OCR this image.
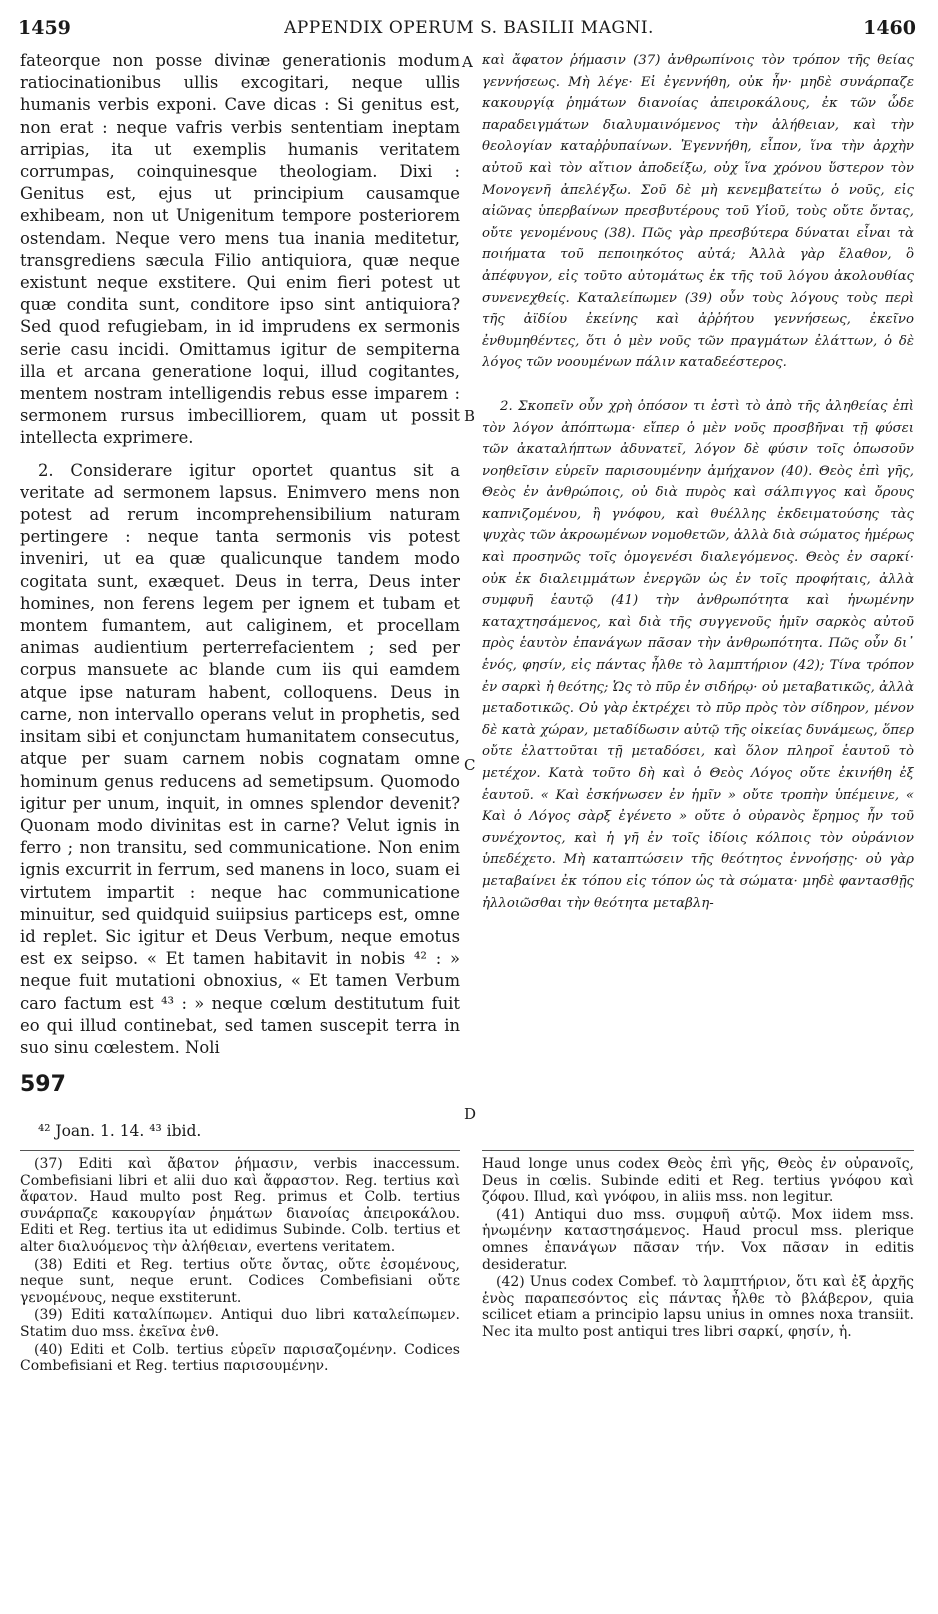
1459	APPENDIX OPERUM S. BASILII MAGNI.	1460

fateorque non posse divinæ generationis modum ratiocinationibus ullis excogitari, neque ullis humanis verbis exponi. Cave dicas : Si genitus est, non erat : neque vafris verbis sententiam ineptam arripias, ita ut exemplis humanis veritatem corrumpas, coinquinesque theologiam. Dixi : Genitus est, ejus ut principium causamque exhibeam, non ut Unigenitum tempore posteriorem ostendam. Neque vero mens tua inania meditetur, transgrediens sæcula Filio antiquiora, quæ neque existunt neque exstitere. Qui enim fieri potest ut quæ condita sunt, conditore ipso sint antiquiora? Sed quod refugiebam, in id imprudens ex sermonis serie casu incidi. Omittamus igitur de sempiterna illa et arcana generatione loqui, illud cogitantes, mentem nostram intelligendis rebus esse imparem : sermonem rursus imbecilliorem, quam ut possit intellecta exprimere.

2. Considerare igitur oportet quantus sit a veritate ad sermonem lapsus. Enimvero mens non potest ad rerum incomprehensibilium naturam pertingere : neque tanta sermonis vis potest inveniri, ut ea quæ qualicunque tandem modo cogitata sunt, exæquet. Deus in terra, Deus inter homines, non ferens legem per ignem et tubam et montem fumantem, aut caliginem, et procellam animas audientium perterrefacientem ; sed per corpus mansuete ac blande cum iis qui eamdem atque ipse naturam habent, colloquens. Deus in carne, non intervallo operans velut in prophetis, sed insitam sibi et conjunctam humanitatem consecutus, atque per suam carnem nobis cognatam omne hominum genus reducens ad semetipsum. Quomodo igitur per unum, inquit, in omnes splendor devenit? Quonam modo divinitas est in carne? Velut ignis in ferro ; non transitu, sed communicatione. Non enim ignis excurrit in ferrum, sed manens in loco, suam ei virtutem impartit : neque hac communicatione minuitur, sed quidquid suiipsius particeps est, omne id replet. Sic igitur et Deus Verbum, neque emotus est ex seipso. « Et tamen habitavit in nobis ⁴² : » neque fuit mutationi obnoxius, « Et tamen Verbum caro factum est ⁴³ : » neque cœlum destitutum fuit eo qui illud continebat, sed tamen suscepit terra in suo sinu cœlestem. Noli

A
B
C
D

καὶ ἄφατον ῥήμασιν (37) ἀνθρωπίνοις τὸν τρόπον τῆς θείας γεννήσεως. Μὴ λέγε· Εἰ ἐγεννήθη, οὐκ ἦν· μηδὲ συνάρπαζε κακουργίᾳ ῥημάτων διανοίας ἀπειροκάλους, ἐκ τῶν ὧδε παραδειγμάτων διαλυμαινόμενος τὴν ἀλήθειαν, καὶ τὴν θεολογίαν καταῤῥυπαίνων. Ἐγεννήθη, εἶπον, ἵνα τὴν ἀρχὴν αὐτοῦ καὶ τὸν αἴτιον ἀποδείξω, οὐχ ἵνα χρόνου ὕστερον τὸν Μονογενῆ ἀπελέγξω. Σοῦ δὲ μὴ κενεμβατείτω ὁ νοῦς, εἰς αἰῶνας ὑπερβαίνων πρεσβυτέρους τοῦ Υἱοῦ, τοὺς οὔτε ὄντας, οὔτε γενομένους (38). Πῶς γὰρ πρεσβύτερα δύναται εἶναι τὰ ποιήματα τοῦ πεποιηκότος αὐτά; Ἀλλὰ γὰρ ἔλαθον, ὃ ἀπέφυγον, εἰς τοῦτο αὐτομάτως ἐκ τῆς τοῦ λόγου ἀκολουθίας συνενεχθείς. Καταλείπωμεν (39) οὖν τοὺς λόγους τοὺς περὶ τῆς ἀϊδίου ἐκείνης καὶ ἀῤῥήτου γεννήσεως, ἐκεῖνο ἐνθυμηθέντες, ὅτι ὁ μὲν νοῦς τῶν πραγμάτων ἐλάττων, ὁ δὲ λόγος τῶν νοουμένων πάλιν καταδεέστερος.

2. Σκοπεῖν οὖν χρὴ ὁπόσον τι ἐστὶ τὸ ἀπὸ τῆς ἀληθείας ἐπὶ τὸν λόγον ἀπόπτωμα· εἴπερ ὁ μὲν νοῦς προσβῆναι τῇ φύσει τῶν ἀκαταλήπτων ἀδυνατεῖ, λόγον δὲ φύσιν τοῖς ὁπωσοῦν νοηθεῖσιν εὑρεῖν παρισουμένην ἀμήχανον (40). Θεὸς ἐπὶ γῆς, Θεὸς ἐν ἀνθρώποις, οὐ διὰ πυρὸς καὶ σάλπιγγος καὶ ὄρους καπνιζομένου, ἢ γνόφου, καὶ θυέλλης ἐκδειματούσης τὰς ψυχὰς τῶν ἀκροωμένων νομοθετῶν, ἀλλὰ διὰ σώματος ἡμέρως καὶ προσηνῶς τοῖς ὁμογενέσι διαλεγόμενος. Θεὸς ἐν σαρκί· οὐκ ἐκ διαλειμμάτων ἐνεργῶν ὡς ἐν τοῖς προφήταις, ἀλλὰ συμφυῆ ἑαυτῷ (41) τὴν ἀνθρωπότητα καὶ ἡνωμένην καταχτησάμενος, καὶ διὰ τῆς συγγενοῦς ἡμῖν σαρκὸς αὐτοῦ πρὸς ἑαυτὸν ἐπανάγων πᾶσαν τὴν ἀνθρωπότητα. Πῶς οὖν δι᾽ ἑνός, φησίν, εἰς πάντας ἦλθε τὸ λαμπτήριον (42); Τίνα τρόπον ἐν σαρκὶ ἡ θεότης; Ὡς τὸ πῦρ ἐν σιδήρῳ· οὐ μεταβατικῶς, ἀλλὰ μεταδοτικῶς. Οὐ γὰρ ἐκτρέχει τὸ πῦρ πρὸς τὸν σίδηρον, μένον δὲ κατὰ χώραν, μεταδίδωσιν αὐτῷ τῆς οἰκείας δυνάμεως, ὅπερ οὔτε ἐλαττοῦται τῇ μεταδόσει, καὶ ὅλον πληροῖ ἑαυτοῦ τὸ μετέχον. Κατὰ τοῦτο δὴ καὶ ὁ Θεὸς Λόγος οὔτε ἐκινήθη ἐξ ἑαυτοῦ. « Καὶ ἐσκήνωσεν ἐν ἡμῖν » οὔτε τροπὴν ὑπέμεινε, « Καὶ ὁ Λόγος σὰρξ ἐγένετο » οὔτε ὁ οὐρανὸς ἔρημος ἦν τοῦ συνέχοντος, καὶ ἡ γῆ ἐν τοῖς ἰδίοις κόλποις τὸν οὐράνιον ὑπεδέχετο. Μὴ καταπτώσειν τῆς θεότητος ἐννοήσῃς· οὐ γὰρ μεταβαίνει ἐκ τόπου εἰς τόπον ὡς τὰ σώματα· μηδὲ φαντασθῇς ἠλλοιῶσθαι τὴν θεότητα μεταβλη-

597
⁴² Joan. 1. 14. ⁴³ ibid.

(37) Editi καὶ ἄβατον ῥήμασιν, verbis inaccessum. Combefisiani libri et alii duo καὶ ἄφραστον. Reg. tertius καὶ ἄφατον. Haud multo post Reg. primus et Colb. tertius συνάρπαζε κακουργίαν ῥημάτων διανοίας ἀπειροκάλου. Editi et Reg. tertius ita ut edidimus Subinde. Colb. tertius et alter διαλυόμενος τὴν ἀλήθειαν, evertens veritatem.

(38) Editi et Reg. tertius οὔτε ὄντας, οὔτε ἐσομένους, neque sunt, neque erunt. Codices Combefisiani οὔτε γενομένους, neque exstiterunt.

(39) Editi καταλίπωμεν. Antiqui duo libri καταλείπωμεν. Statim duo mss. ἐκεῖνα ἐνθ.

(40) Editi et Colb. tertius εὑρεῖν παρισαζομένην. Codices Combefisiani et Reg. tertius παρισουμένην.

Haud longe unus codex Θεὸς ἐπὶ γῆς, Θεὸς ἐν οὐρανοῖς, Deus in cœlis. Subinde editi et Reg. tertius γνόφου καὶ ζόφου. Illud, καὶ γνόφου, in aliis mss. non legitur.

(41) Antiqui duo mss. συμφυῆ αὐτῷ. Mox iidem mss. ἡνωμένην καταστησάμενος. Haud procul mss. plerique omnes ἐπανάγων πᾶσαν τήν. Vox πᾶσαν in editis desideratur.

(42) Unus codex Combef. τὸ λαμπτήριον, ὅτι καὶ ἐξ ἀρχῆς ἑνὸς παραπεσόντος εἰς πάντας ἦλθε τὸ βλάβερον, quia scilicet etiam a principio lapsu unius in omnes noxa transiit. Nec ita multo post antiqui tres libri σαρκί, φησίν, ἡ.
